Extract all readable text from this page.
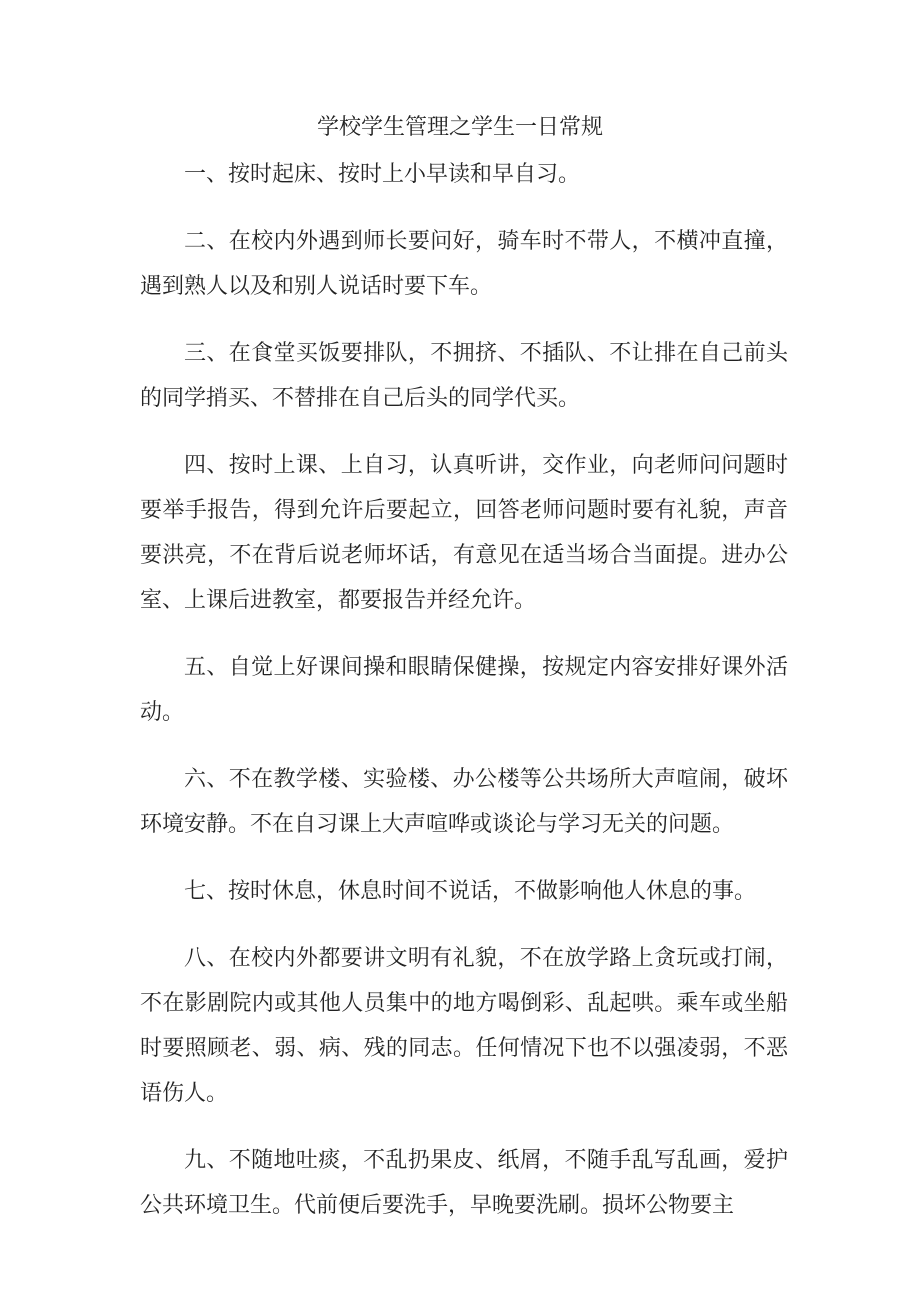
学校学生管理之学生一日常规

一、按时起床、按时上小早读和早自习。

二、在校内外遇到师长要问好，骑车时不带人，不横冲直撞，遇到熟人以及和别人说话时要下车。

三、在食堂买饭要排队，不拥挤、不插队、不让排在自己前头的同学捎买、不替排在自己后头的同学代买。

四、按时上课、上自习，认真听讲，交作业，向老师问问题时要举手报告，得到允许后要起立，回答老师问题时要有礼貌，声音要洪亮，不在背后说老师坏话，有意见在适当场合当面提。进办公室、上课后进教室，都要报告并经允许。

五、自觉上好课间操和眼睛保健操，按规定内容安排好课外活动。

六、不在教学楼、实验楼、办公楼等公共场所大声喧闹，破坏环境安静。不在自习课上大声喧哗或谈论与学习无关的问题。

七、按时休息，休息时间不说话，不做影响他人休息的事。

八、在校内外都要讲文明有礼貌，不在放学路上贪玩或打闹，不在影剧院内或其他人员集中的地方喝倒彩、乱起哄。乘车或坐船时要照顾老、弱、病、残的同志。任何情况下也不以强凌弱，不恶语伤人。

九、不随地吐痰，不乱扔果皮、纸屑，不随手乱写乱画，爱护公共环境卫生。代前便后要洗手，早晚要洗刷。损坏公物要主
